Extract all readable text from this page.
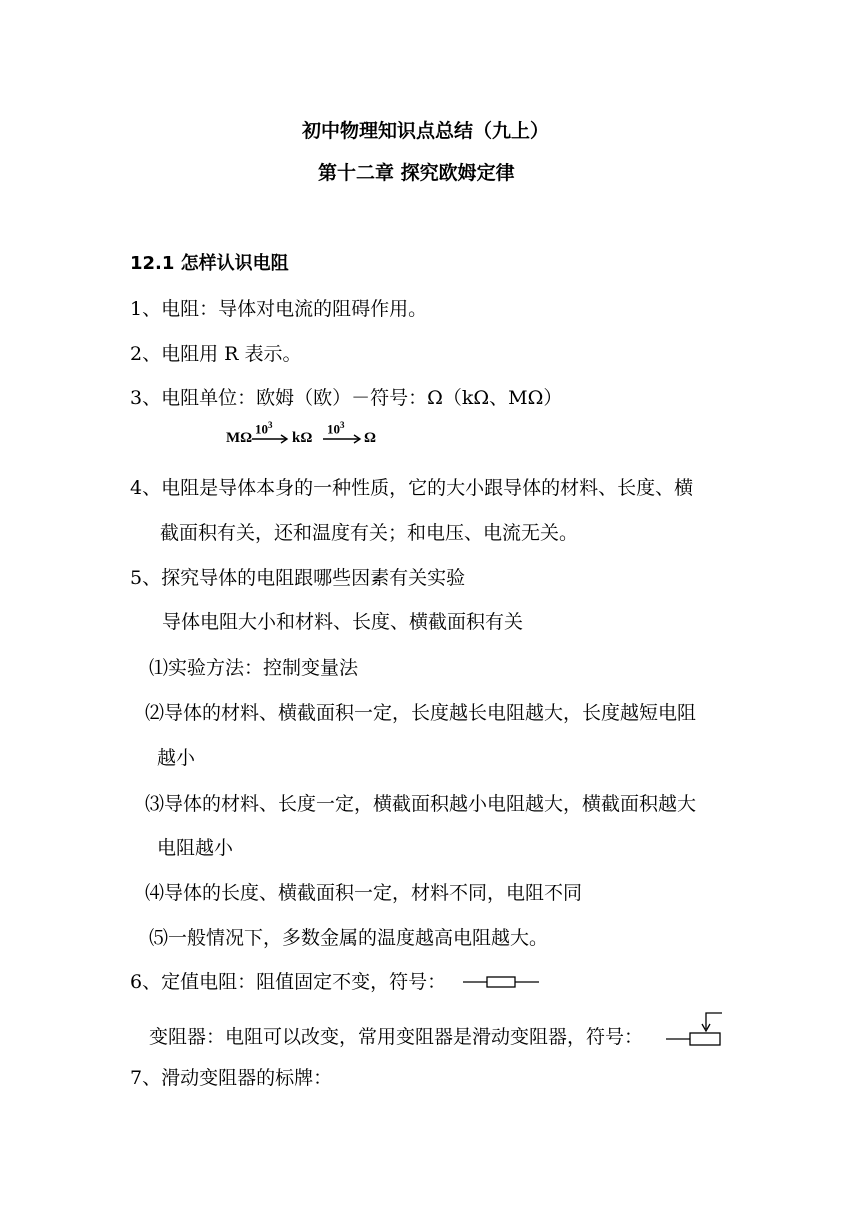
初中物理知识点总结（九上）
第十二章 探究欧姆定律
12.1 怎样认识电阻
1、电阻：导体对电流的阻碍作用。
2、电阻用 R 表示。
3、电阻单位：欧姆（欧）－符号：Ω（kΩ、MΩ）
MΩ
$10^3$
kΩ
$10^3$
Ω
4、电阻是导体本身的一种性质，它的大小跟导体的材料、长度、横
截面积有关，还和温度有关；和电压、电流无关。
5、探究导体的电阻跟哪些因素有关实验
导体电阻大小和材料、长度、横截面积有关
⑴实验方法：控制变量法
⑵导体的材料、横截面积一定，长度越长电阻越大，长度越短电阻
越小
⑶导体的材料、长度一定，横截面积越小电阻越大，横截面积越大
电阻越小
⑷导体的长度、横截面积一定，材料不同，电阻不同
⑸一般情况下，多数金属的温度越高电阻越大。
6、定值电阻：阻值固定不变，符号：
变阻器：电阻可以改变，常用变阻器是滑动变阻器，符号：
7、滑动变阻器的标牌：
